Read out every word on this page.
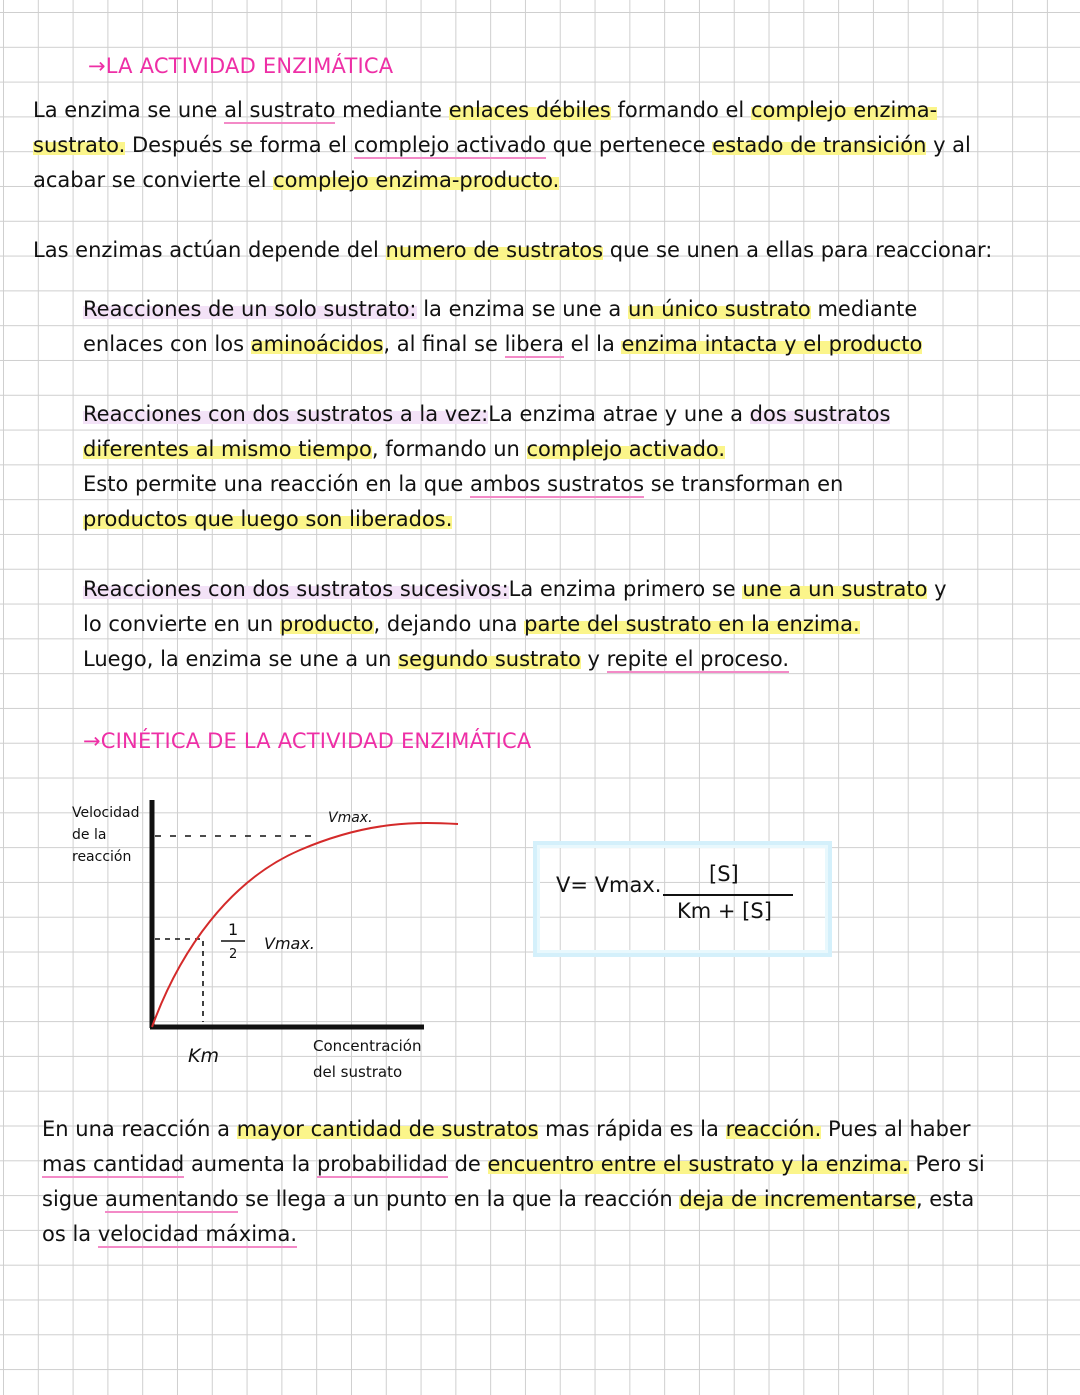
→LA ACTIVIDAD ENZIMÁTICA
La enzima se une al sustrato mediante enlaces débiles formando el complejo enzima-
sustrato. Después se forma el complejo activado que pertenece estado de transición y al
acabar se convierte el complejo enzima-producto.
Las enzimas actúan depende del numero de sustratos que se unen a ellas para reaccionar:
Reacciones de un solo sustrato: la enzima se une a un único sustrato mediante
enlaces con los aminoácidos, al final se libera el la enzima intacta y el producto
Reacciones con dos sustratos a la vez:La enzima atrae y une a dos sustratos
diferentes al mismo tiempo, formando un complejo activado.
Esto permite una reacción en la que ambos sustratos se transforman en
productos que luego son liberados.
Reacciones con dos sustratos sucesivos:La enzima primero se une a un sustrato y
lo convierte en un producto, dejando una parte del sustrato en la enzima.
Luego, la enzima se une a un segundo sustrato y repite el proceso.
→CINÉTICA DE LA ACTIVIDAD ENZIMÁTICA
Velocidad
de la
reacción
Concentración
del sustrato
Vmax.
1
2
Vmax.
Km
V= Vmax. [S]
Km + [S]
En una reacción a mayor cantidad de sustratos mas rápida es la reacción. Pues al haber
mas cantidad aumenta la probabilidad de encuentro entre el sustrato y la enzima. Pero si
sigue aumentando se llega a un punto en la que la reacción deja de incrementarse, esta
os la velocidad máxima.
